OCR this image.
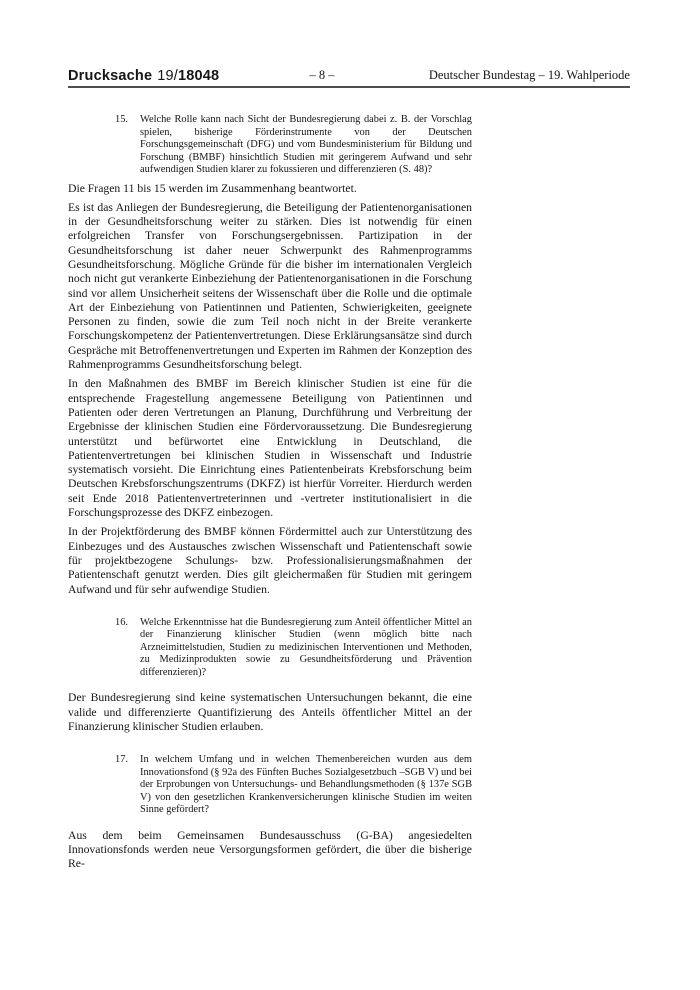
Drucksache 19/18048	– 8 –	Deutscher Bundestag – 19. Wahlperiode
15.	Welche Rolle kann nach Sicht der Bundesregierung dabei z. B. der Vorschlag spielen, bisherige Förderinstrumente von der Deutschen Forschungsgemeinschaft (DFG) und vom Bundesministerium für Bildung und Forschung (BMBF) hinsichtlich Studien mit geringerem Aufwand und sehr aufwendigen Studien klarer zu fokussieren und differenzieren (S. 48)?

Die Fragen 11 bis 15 werden im Zusammenhang beantwortet.

Es ist das Anliegen der Bundesregierung, die Beteiligung der Patientenorganisationen in der Gesundheitsforschung weiter zu stärken. Dies ist notwendig für einen erfolgreichen Transfer von Forschungsergebnissen. Partizipation in der Gesundheitsforschung ist daher neuer Schwerpunkt des Rahmenprogramms Gesundheitsforschung. Mögliche Gründe für die bisher im internationalen Vergleich noch nicht gut verankerte Einbeziehung der Patientenorganisationen in die Forschung sind vor allem Unsicherheit seitens der Wissenschaft über die Rolle und die optimale Art der Einbeziehung von Patientinnen und Patienten, Schwierigkeiten, geeignete Personen zu finden, sowie die zum Teil noch nicht in der Breite verankerte Forschungskompetenz der Patientenvertretungen. Diese Erklärungsansätze sind durch Gespräche mit Betroffenenvertretungen und Experten im Rahmen der Konzeption des Rahmenprogramms Gesundheitsforschung belegt.

In den Maßnahmen des BMBF im Bereich klinischer Studien ist eine für die entsprechende Fragestellung angemessene Beteiligung von Patientinnen und Patienten oder deren Vertretungen an Planung, Durchführung und Verbreitung der Ergebnisse der klinischen Studien eine Fördervoraussetzung. Die Bundesregierung unterstützt und befürwortet eine Entwicklung in Deutschland, die Patientenvertretungen bei klinischen Studien in Wissenschaft und Industrie systematisch vorsieht. Die Einrichtung eines Patientenbeirats Krebsforschung beim Deutschen Krebsforschungszentrums (DKFZ) ist hierfür Vorreiter. Hierdurch werden seit Ende 2018 Patientenvertreterinnen und -vertreter institutionalisiert in die Forschungsprozesse des DKFZ einbezogen.

In der Projektförderung des BMBF können Fördermittel auch zur Unterstützung des Einbezuges und des Austausches zwischen Wissenschaft und Patientenschaft sowie für projektbezogene Schulungs- bzw. Professionalisierungsmaßnahmen der Patientenschaft genutzt werden. Dies gilt gleichermaßen für Studien mit geringem Aufwand und für sehr aufwendige Studien.

16.	Welche Erkenntnisse hat die Bundesregierung zum Anteil öffentlicher Mittel an der Finanzierung klinischer Studien (wenn möglich bitte nach Arzneimittelstudien, Studien zu medizinischen Interventionen und Methoden, zu Medizinprodukten sowie zu Gesundheitsförderung und Prävention differenzieren)?

Der Bundesregierung sind keine systematischen Untersuchungen bekannt, die eine valide und differenzierte Quantifizierung des Anteils öffentlicher Mittel an der Finanzierung klinischer Studien erlauben.

17.	In welchem Umfang und in welchen Themenbereichen wurden aus dem Innovationsfond (§ 92a des Fünften Buches Sozialgesetzbuch –SGB V) und bei der Erprobungen von Untersuchungs- und Behandlungsmethoden (§ 137e SGB V) von den gesetzlichen Krankenversicherungen klinische Studien im weiten Sinne gefördert?

Aus dem beim Gemeinsamen Bundesausschuss (G-BA) angesiedelten Innovationsfonds werden neue Versorgungsformen gefördert, die über die bisherige Re-
